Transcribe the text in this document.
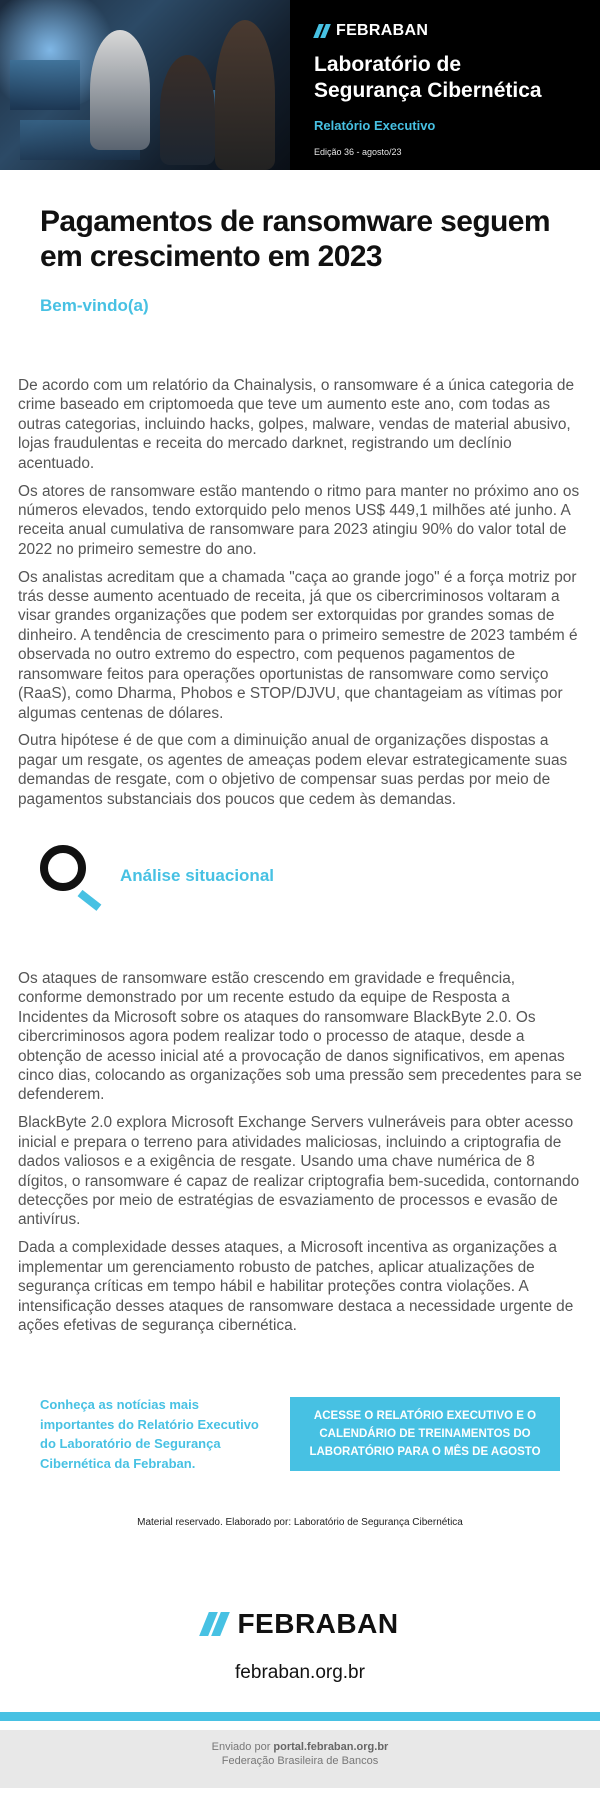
FEBRABAN
Laboratório de Segurança Cibernética
Relatório Executivo
Edição 36 - agosto/23
Pagamentos de ransomware seguem em crescimento em 2023
Bem-vindo(a)

De acordo com um relatório da Chainalysis, o ransomware é a única categoria de crime baseado em criptomoeda que teve um aumento este ano, com todas as outras categorias, incluindo hacks, golpes, malware, vendas de material abusivo, lojas fraudulentas e receita do mercado darknet, registrando um declínio acentuado.

Os atores de ransomware estão mantendo o ritmo para manter no próximo ano os números elevados, tendo extorquido pelo menos US$ 449,1 milhões até junho. A receita anual cumulativa de ransomware para 2023 atingiu 90% do valor total de 2022 no primeiro semestre do ano.

Os analistas acreditam que a chamada "caça ao grande jogo" é a força motriz por trás desse aumento acentuado de receita, já que os cibercriminosos voltaram a visar grandes organizações que podem ser extorquidas por grandes somas de dinheiro. A tendência de crescimento para o primeiro semestre de 2023 também é observada no outro extremo do espectro, com pequenos pagamentos de ransomware feitos para operações oportunistas de ransomware como serviço (RaaS), como Dharma, Phobos e STOP/DJVU, que chantageiam as vítimas por algumas centenas de dólares.

Outra hipótese é de que com a diminuição anual de organizações dispostas a pagar um resgate, os agentes de ameaças podem elevar estrategicamente suas demandas de resgate, com o objetivo de compensar suas perdas por meio de pagamentos substanciais dos poucos que cedem às demandas.

Análise situacional

Os ataques de ransomware estão crescendo em gravidade e frequência, conforme demonstrado por um recente estudo da equipe de Resposta a Incidentes da Microsoft sobre os ataques do ransomware BlackByte 2.0. Os cibercriminosos agora podem realizar todo o processo de ataque, desde a obtenção de acesso inicial até a provocação de danos significativos, em apenas cinco dias, colocando as organizações sob uma pressão sem precedentes para se defenderem.

BlackByte 2.0 explora Microsoft Exchange Servers vulneráveis para obter acesso inicial e prepara o terreno para atividades maliciosas, incluindo a criptografia de dados valiosos e a exigência de resgate. Usando uma chave numérica de 8 dígitos, o ransomware é capaz de realizar criptografia bem-sucedida, contornando detecções por meio de estratégias de esvaziamento de processos e evasão de antivírus.

Dada a complexidade desses ataques, a Microsoft incentiva as organizações a implementar um gerenciamento robusto de patches, aplicar atualizações de segurança críticas em tempo hábil e habilitar proteções contra violações. A intensificação desses ataques de ransomware destaca a necessidade urgente de ações efetivas de segurança cibernética.

Conheça as notícias mais importantes do Relatório Executivo do Laboratório de Segurança Cibernética da Febraban.
ACESSE O RELATÓRIO EXECUTIVO E O CALENDÁRIO DE TREINAMENTOS DO LABORATÓRIO PARA O MÊS DE AGOSTO
Material reservado. Elaborado por: Laboratório de Segurança Cibernética
FEBRABAN
febraban.org.br
Enviado por portal.febraban.org.br
Federação Brasileira de Bancos
